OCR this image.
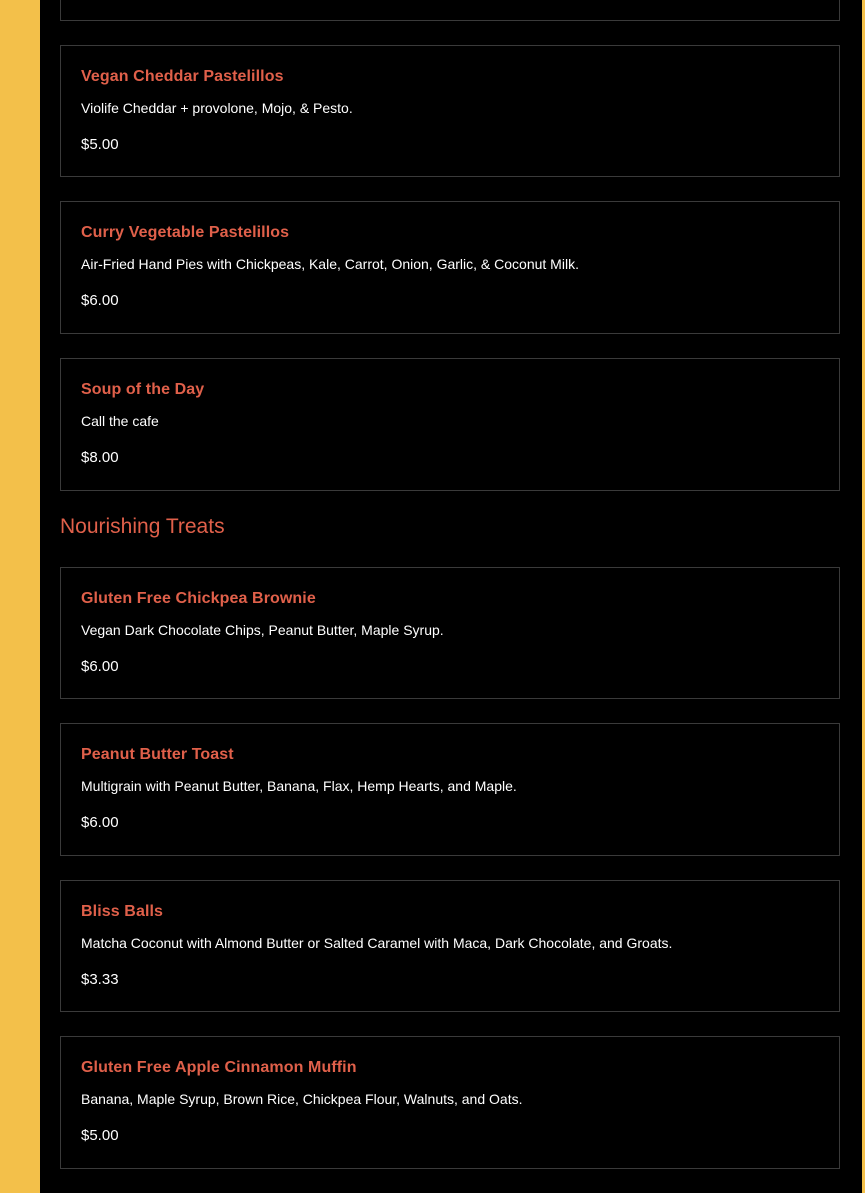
Vegan Cheddar Pastelillos
Violife Cheddar + provolone, Mojo, & Pesto.
$5.00
Curry Vegetable Pastelillos
Air-Fried Hand Pies with Chickpeas, Kale, Carrot, Onion, Garlic, & Coconut Milk.
$6.00
Soup of the Day
Call the cafe
$8.00
Nourishing Treats
Gluten Free Chickpea Brownie
Vegan Dark Chocolate Chips, Peanut Butter, Maple Syrup.
$6.00
Peanut Butter Toast
Multigrain with Peanut Butter, Banana, Flax, Hemp Hearts, and Maple.
$6.00
Bliss Balls
Matcha Coconut with Almond Butter or Salted Caramel with Maca, Dark Chocolate, and Groats.
$3.33
Gluten Free Apple Cinnamon Muffin
Banana, Maple Syrup, Brown Rice, Chickpea Flour, Walnuts, and Oats.
$5.00
